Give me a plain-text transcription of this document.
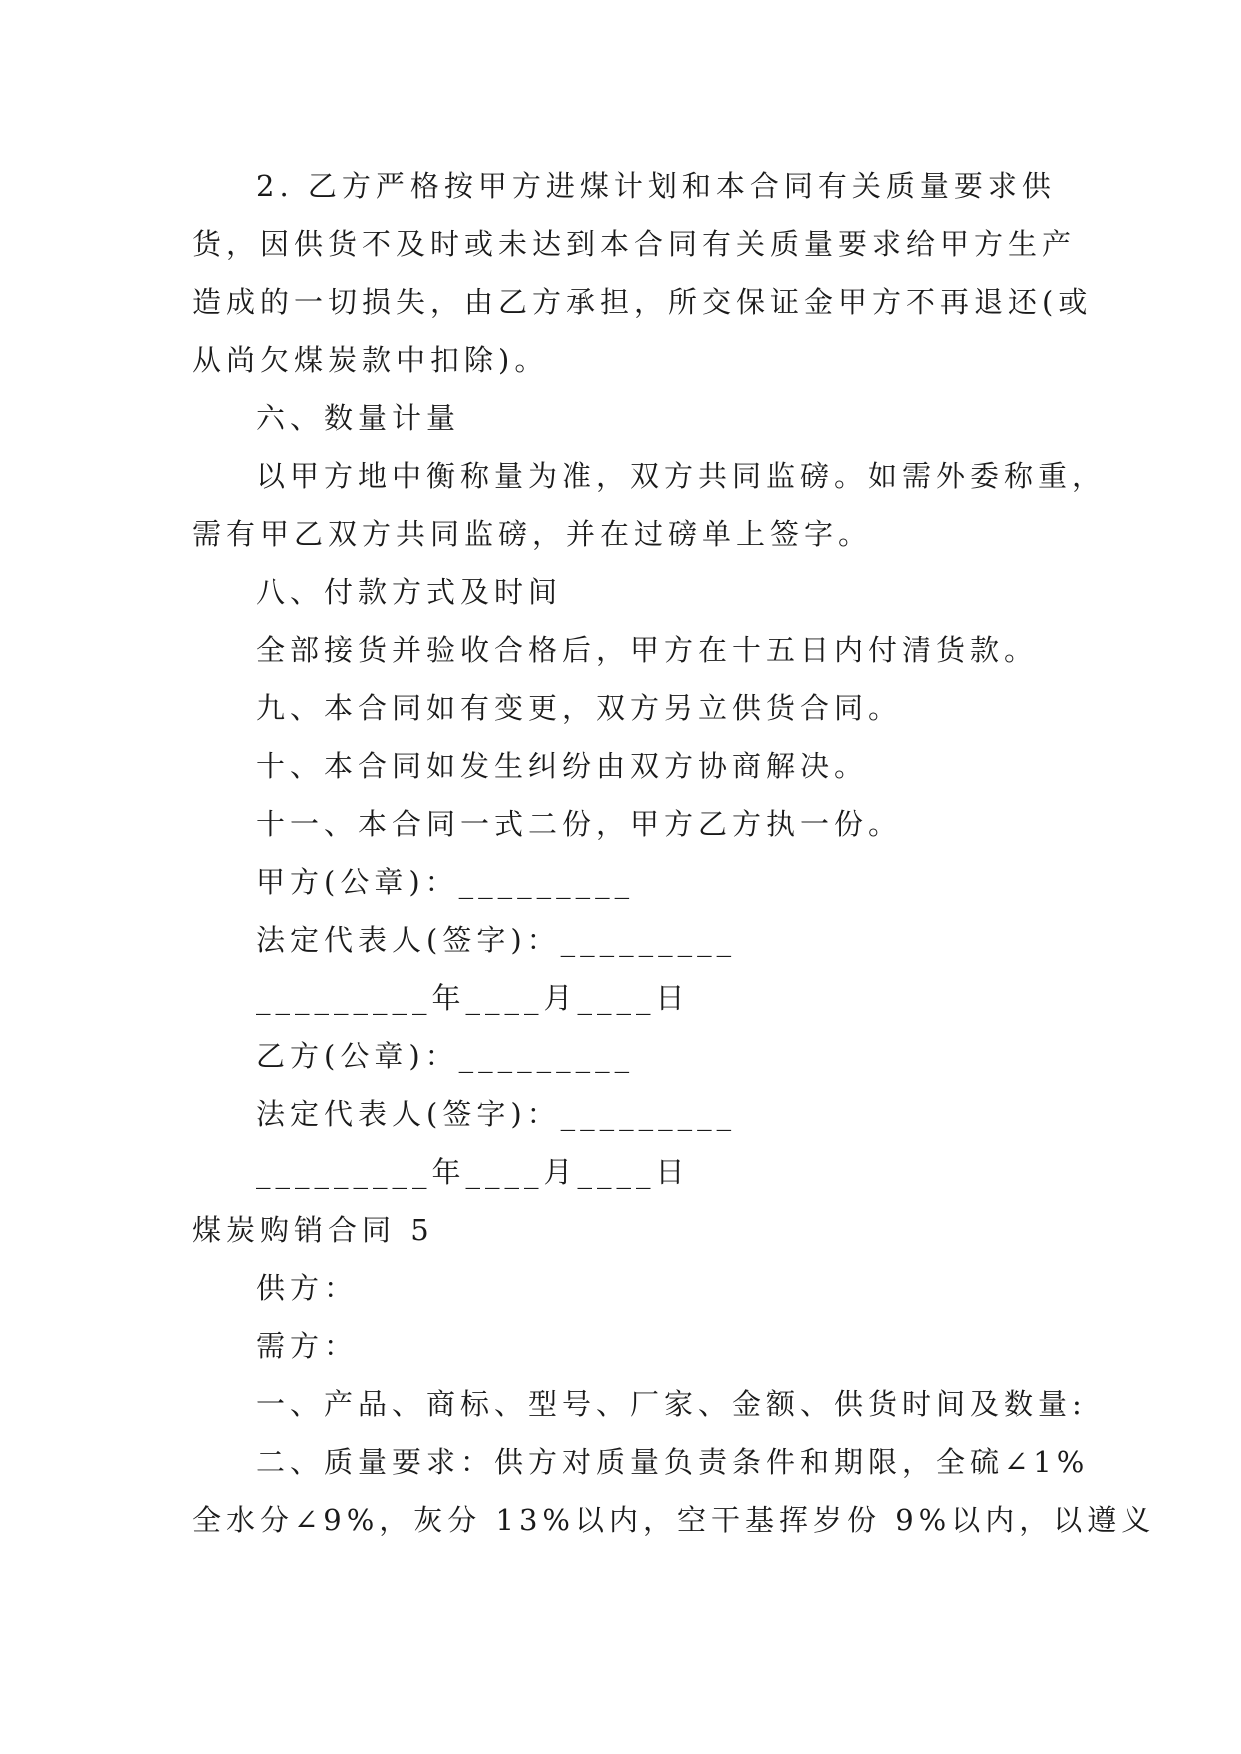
2. 乙方严格按甲方进煤计划和本合同有关质量要求供
货，因供货不及时或未达到本合同有关质量要求给甲方生产
造成的一切损失，由乙方承担，所交保证金甲方不再退还(或
从尚欠煤炭款中扣除)。
六、数量计量
以甲方地中衡称量为准，双方共同监磅。如需外委称重，
需有甲乙双方共同监磅，并在过磅单上签字。
八、付款方式及时间
全部接货并验收合格后，甲方在十五日内付清货款。
九、本合同如有变更，双方另立供货合同。
十、本合同如发生纠纷由双方协商解决。
十一、本合同一式二份，甲方乙方执一份。
甲方(公章)：_________
法定代表人(签字)：_________
_________年____月____日
乙方(公章)：_________
法定代表人(签字)：_________
_________年____月____日
煤炭购销合同 5
供方：
需方：
一、产品、商标、型号、厂家、金额、供货时间及数量:
二、质量要求：供方对质量负责条件和期限，全硫∠1%
全水分∠9%，灰分 13%以内，空干基挥岁份 9%以内，以遵义
